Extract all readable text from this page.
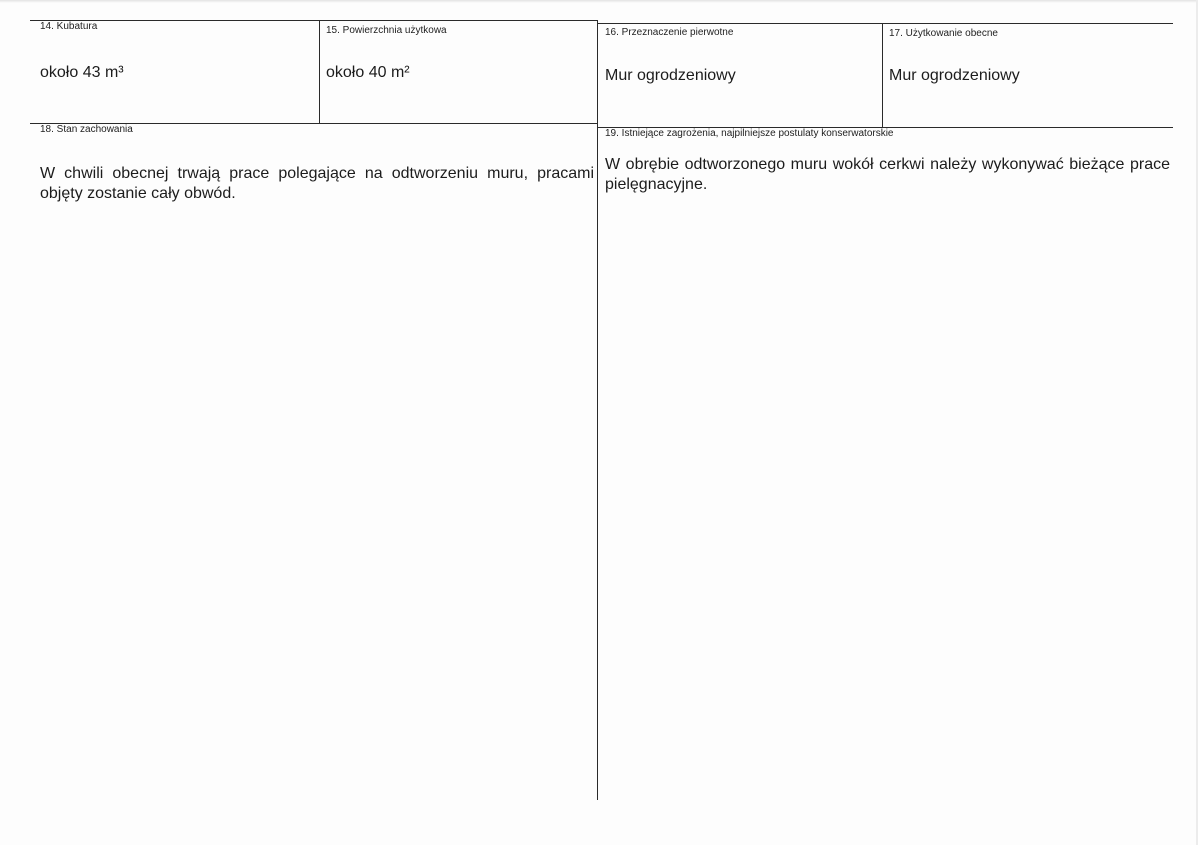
14. Kubatura
około 43 m³
15. Powierzchnia użytkowa
około 40 m²
16. Przeznaczenie pierwotne
Mur ogrodzeniowy
17. Użytkowanie obecne
Mur ogrodzeniowy
18. Stan zachowania
W chwili obecnej trwają prace polegające na odtworzeniu muru, pracami objęty zostanie cały obwód.
19. Istniejące zagrożenia, najpilniejsze postulaty konserwatorskie
W obrębie odtworzonego muru wokół cerkwi należy wykonywać bieżące prace pielęgnacyjne.
